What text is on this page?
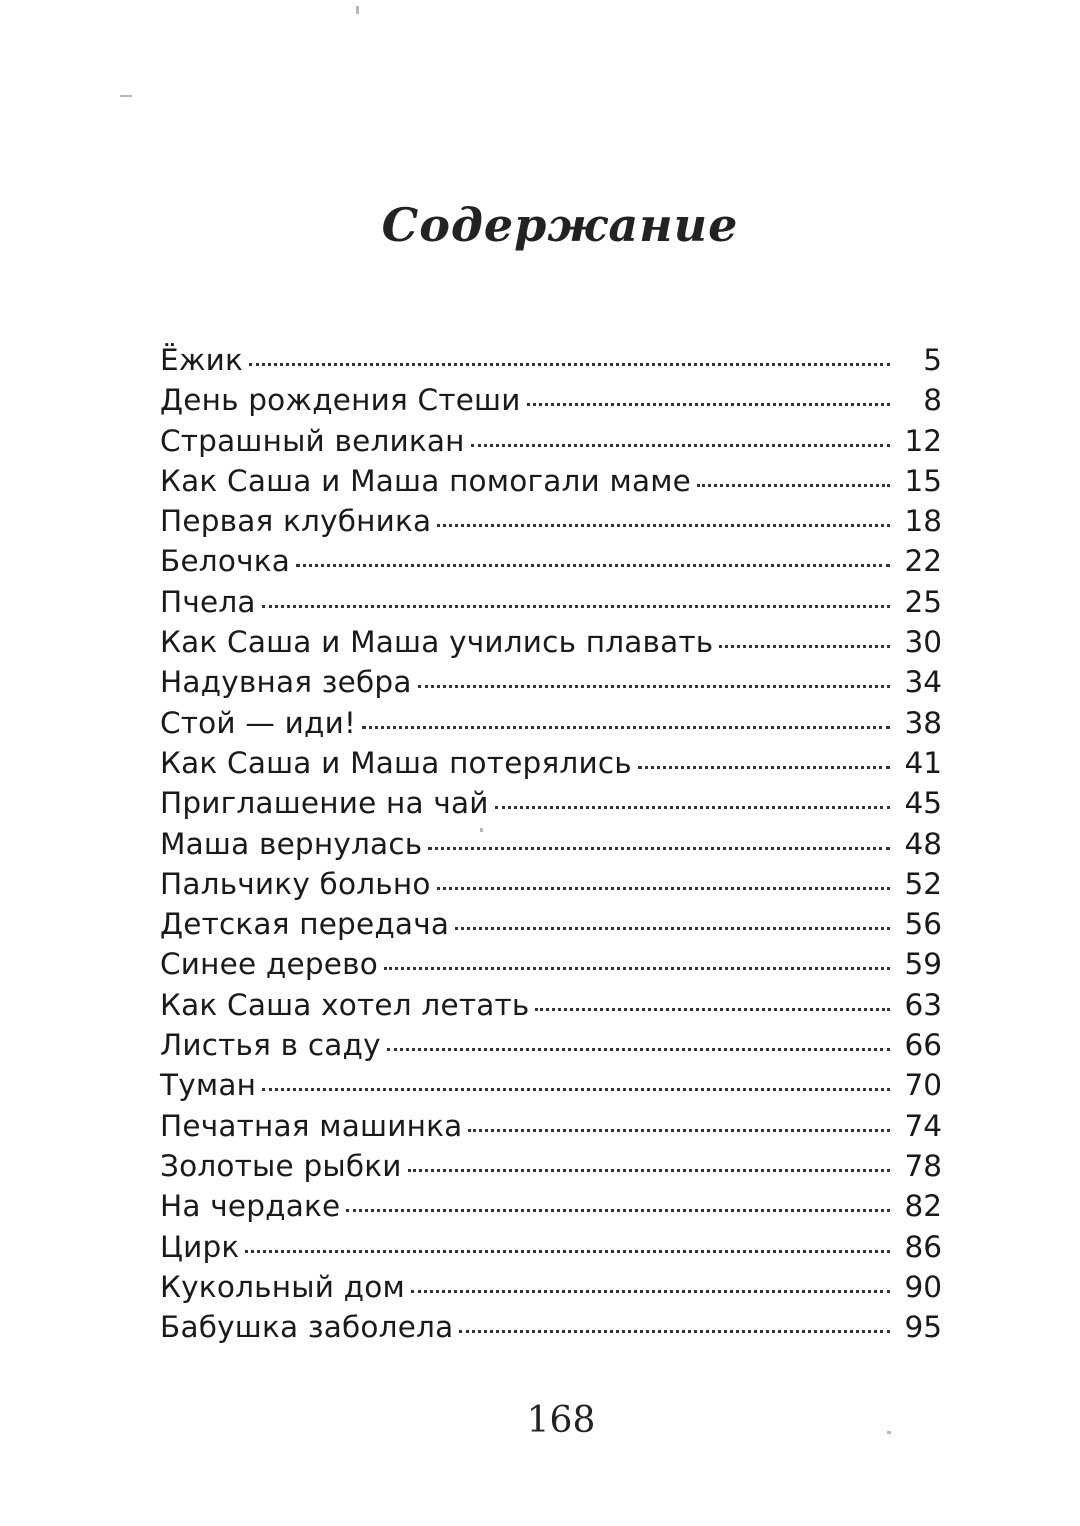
Содержание
Ёжик	5
День рождения Стеши	8
Страшный великан	12
Как Саша и Маша помогали маме	15
Первая клубника	18
Белочка	22
Пчела	25
Как Саша и Маша учились плавать	30
Надувная зебра	34
Стой — иди!	38
Как Саша и Маша потерялись	41
Приглашение на чай	45
Маша вернулась	48
Пальчику больно	52
Детская передача	56
Синее дерево	59
Как Саша хотел летать	63
Листья в саду	66
Туман	70
Печатная машинка	74
Золотые рыбки	78
На чердаке	82
Цирк	86
Кукольный дом	90
Бабушка заболела	95
168
